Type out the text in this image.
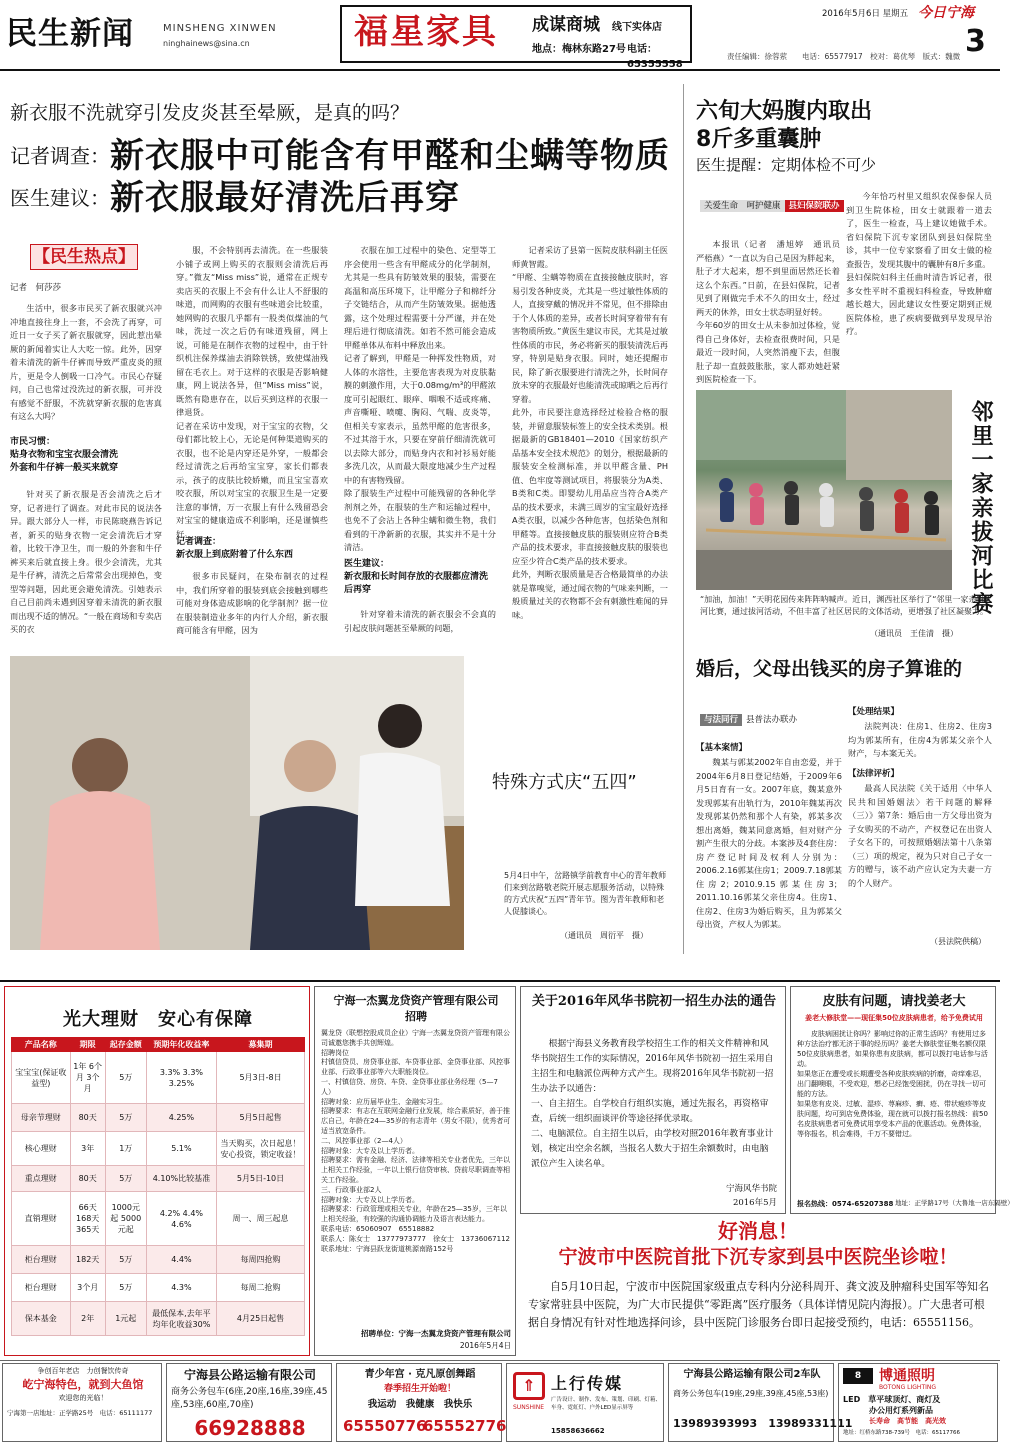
民生新闻	MINSHENG XINWEN
ninghainews@sina.cn	福星家具 成谋商城 线下实体店
地点：梅林东路27号 电话：65355558
2016年5月6日 星期五 今日宁海
3
责任编辑：徐蓉萦　　电话：65577917　校对：葛优琴　版式：魏微
新衣服不洗就穿引发皮炎甚至晕厥，是真的吗？
记者调查：新衣服中可能含有甲醛和尘螨等物质
医生建议：新衣服最好清洗后再穿
【民生热点】
记者　何莎莎

生活中，很多市民买了新衣服就兴冲冲地直接往身上一套，不会洗了再穿，可近日一女子买了新衣服就穿，因此惹出晕厥的新闻着实让人大吃一惊。此外，因穿着未清洗的新牛仔裤而导致严重皮炎的照片，更是令人倒吸一口冷气。市民心存疑问，自己也常过没洗过的新衣服，可并没有感觉不舒服，不洗就穿新衣服的危害真有这么大吗？

市民习惯：
贴身衣物和宝宝衣服会清洗
外套和牛仔裤一般买来就穿

针对买了新衣服是否会清洗之后才穿，记者进行了调查。对此市民的说法各异。跟大部分人一样，市民陈晓燕告诉记者，新买的贴身衣物一定会清洗后才穿着，比较干净卫生，而一般的外套和牛仔裤买来后就直接上身。很少会清洗，尤其是牛仔裤，清洗之后常常会出现掉色，变型等问题，因此更会避免清洗。引她表示自己目前尚未遇到因穿着未清洗的新衣服而出现不适的情况。“一般在商场和专卖店买的衣

服，不会特别再去清洗。在一些服装小铺子或网上购买的衣服则会清洗后再穿。”微友“Miss miss”说，通常在正规专卖店买的衣服上不会有什么让人不舒服的味道，而网购的衣服有些味道会比较重，她网购的衣服几乎都有一股类似煤油的气味，洗过一次之后仍有味道残留，网上说，可能是在制作衣物的过程中，由于针织机注保养煤油去消除铁锈，致使煤油残留在毛衣上。对于这样的衣服是否影响健康，网上说法各异，但“Miss miss”说，既然有隐患存在，以后买到这样的衣服一律退货。
记者在采访中发现，对于宝宝的衣物，父母们都比较上心，无论是何种渠道购买的衣服，也不论是内穿还是外穿，一般都会经过清洗之后再给宝宝穿，家长们都表示，孩子的皮肤比较娇嫩，而且宝宝喜欢咬衣服，所以对宝宝的衣服卫生是一定要注意的事情，万一衣服上有什么残留恐会对宝宝的健康造成不利影响，还是谨慎些好。

记者调查：
新衣服上到底附着了什么东西

很多市民疑问，在染布制衣的过程中，我们所穿着的服装到底会接触到哪些可能对身体造成影响的化学制剂？据一位在服装制造业多年的内行人介绍，新衣服商可能含有甲醛，因为

衣服在加工过程中的染色、定型等工序会使用一些含有甲醛成分的化学制剂，尤其是一些具有防皱效果的服装，需要在高温和高压环境下，让甲醛分子和棉纤分子交链结合，从而产生防皱效果。据他透露，这个处理过程需要十分严谨，并在处理后进行彻底清洗。如若不然可能会造成甲醛单体从布料中释放出来。
记者了解到，甲醛是一种挥发性物质，对人体的水溶性，主要危害表现为对皮肤黏膜的刺激作用，大于0.08mg/m³的甲醛浓度可引起眼红、眼痒、咽喉不适或疼痛、声音嘶哑、喷嚏、胸闷、气喘、皮炎等，但相关专家表示，虽然甲醛的危害很多，不过其溶于水，只要在穿前仔细清洗就可以去除大部分，而贴身内衣和衬衫易好能多洗几次，从而最大限度地减少生产过程中的有害物残留。
除了服装生产过程中可能残留的各种化学剂剂之外，在服装的生产和运输过程中，也免不了会沾上各种尘螨和微生物，我们看到的干净新新的衣服，其实并不是十分清洁。

医生建议：
新衣服和长时间存放的衣服都应清洗后再穿

针对穿着未清洗的新衣服会不会真的引起皮肤问题甚至晕厥的问题，

记者采访了县第一医院皮肤科副主任医师黄智霞。
“甲醛、尘螨等物质在直接接触皮肤时，容易引发各种皮炎，尤其是一些过敏性体质的人，直接穿戴的情况并不常见，但不排除由于个人体质的差异，或者长时间穿着带有有害物质所致。”黄医生建议市民，尤其是过敏性体质的市民，务必将新买的服装清洗后再穿，特别是贴身衣服。同时，她还提醒市民，除了新衣服要进行清洗之外，长时间存放未穿的衣服最好也能清洗或晾晒之后再行穿着。
此外，市民要注意选择经过检验合格的服装，并留意服装标签上的安全技术类别。根据最新的GB18401—2010《国家纺织产品基本安全技术规范》的划分，根据最新的服装安全检测标准，并以甲醛含量、PH值、色牢度等测试项目，将服装分为A类、B类和C类。即婴幼儿用品应当符合A类产品的技术要求，未满三周岁的宝宝最好选择A类衣服，以减少各种危害，包括染色剂和甲醛等。直接接触皮肤的服装则应符合B类产品的技术要求，非直接接触皮肤的服装也应至少符合C类产品的技术要求。
此外，判断衣服质量是否合格最简单的办法就是靠嗅觉，通过闻衣物的气味来判断，一般质量过关的衣物都不会有刺激性难闻的异味。

六旬大妈腹内取出
8斤多重囊肿
医生提醒：定期体检不可少
关爱生命　呵护健康 县妇保院联办

本报讯（记者　潘旭婷　通讯员　严梧燕）“一直以为自己是因为胖起来，肚子才大起来，想不到里面居然还长着这么个东西。”日前，在县妇保院，记者见到了刚做完手术不久的田女士，经过两天的休养，田女士状态明显好转。
今年60岁的田女士从未参加过体检，觉得自己身体好，去检查很费时间，只是最近一段时间，人突然消瘦下去，但腹肚子却一直鼓鼓胀胀，家人都劝她赶紧到医院检查一下。

今年恰巧村里又组织农保参保人员到卫生院体检，田女士就跟着一道去了，医生一检查，马上建议她做手术。省妇保院下沉专家团队到县妇保院坐诊，其中一位专家察看了田女士做的检查报告，发现其腹中的囊肿有8斤多重。
县妇保院妇科主任曲时清告诉记者，很多女性平时不重视妇科检查，导致肿瘤越长越大，因此建议女性要定期到正规医院体检，患了疾病要做到早发现早治疗。

邻里一家亲拔河比赛
“加油，加油！”天明花园传来阵阵呐喊声。近日，渊西社区举行了“邻里一家亲”拔河比赛，通过拔河活动，不但丰富了社区居民的文体活动，更增强了社区凝聚力。
（通讯员　王佳清　摄）
特殊方式庆“五四”
5月4日中午，岔路镇学前教育中心的青年教师们来到岔路敬老院开展志愿服务活动，以特殊的方式庆祝“五四”青年节。图为青年教师和老人促膝谈心。
（通讯员　周衍平　摄）
婚后，父母出钱买的房子算谁的
与法同行 县普法办联办
【基本案情】

魏某与郭某2002年自由恋爱，并于2004年6月8日登记结婚，于2009年6月5日育有一女。2007年底，魏某意外发现郭某有出轨行为，2010年魏某再次发现郭某仍然和那个人有染，郭某多次想出离婚，魏某同意离婚，但对财产分割产生很大的分歧。本案涉及4套住房：房产登记时间及权利人分别为：2006.2.16郭某住房1；2009.7.18郭某住房2；2010.9.15郭某住房3；2011.10.16郭某父亲住房4。住房1、住房2、住房3为婚后购买，且为郭某父母出资，产权人为郭某。

【处理结果】

法院判决：住房1、住房2、住房3均为郭某所有，住房4为郭某父亲个人财产，与本案无关。

【法律评析】

最高人民法院《关于适用〈中华人民共和国婚姻法〉若干问题的解释（三）》第7条：婚后由一方父母出资为子女购买的不动产，产权登记在出资人子女名下的，可按照婚姻法第十八条第（三）项的规定，视为只对自己子女一方的赠与，该不动产应认定为夫妻一方的个人财产。

（县法院供稿）
光大理财　安心有保障
产品名称	期限	起存金额	预期年化收益率	募集期
宝宝宝(保证收益型)	1年 6个月 3个月	5万	3.3% 3.3% 3.25%	5月3日-8日
母亲节理财	80天	5万	4.25%	5月5日起售
核心理财	3年	1万	5.1%	当天购买，次日起息！安心投资，锁定收益！
重点理财	80天	5万	4.10%比较基准	5月5日-10日
直销理财	66天 168天 365天	1000元起 5000元起	4.2% 4.4% 4.6%	周一、周三起息
柜台理财	182天	5万	4.4%	每周四抢购
柜台理财	3个月	5万	4.3%	每周二抢购
保本基金	2年	1元起	最低保本,去年平均年化收益30%	4月25日起售
宁海一杰翼龙贷资产管理有限公司
招聘
翼龙贷（联想控股成员企业）宁海一杰翼龙贷资产管理有限公司诚邀您携手共创辉煌。
招聘岗位
村镇信贷员、房贷事业部、车贷事业部、金贷事业部、风控事业部、行政事业部等六大职能岗位。
一、村镇信贷、房贷、车贷、金贷事业部业务经理（5—7人）
招聘对象：应历届毕业生、金融实习生。
招聘要求：有志在互联网金融行业发展，综合素质好，善于推広自己，年龄在24—35岁的有志青年（男女不限），优秀者可适当放宽条件。
二、风控事业部（2—4人）
招聘对象：大专及以上学历者。
招聘要求：需有金融、经济、法律等相关专业者优先，三年以上相关工作经验，一年以上银行信贷审核、贷前尽职调查等相关工作经验。
三、行政事业部2人
招聘对象：大专及以上学历者。
招聘要求：行政管理或相关专业，年龄在25—35岁，三年以上相关经验，有较强的沟通协调能力及语言表达能力。
联系电话：65060907　65518882
联系人：陈女士　13777973777　徐女士　13736067112
联系地址：宁海县跃龙街道桃源南路152号
招聘单位：宁海一杰翼龙贷资产管理有限公司
2016年5月4日
关于2016年风华书院初一招生办法的通告
根据宁海县义务教育段学校招生工作的相关文件精神和风华书院招生工作的实际情况，2016年风华书院初一招生采用自主招生和电脑派位两种方式产生。现将2016年风华书院初一招生办法予以通告：
一、自主招生。自学校自行组织实施，通过先报名，再资格审查，后统一组织面谈评价等途径择优录取。
二、电脑派位。自主招生以后，由学校对照2016年教育事业计划，核定出空余名额，当报名人数大于招生余额数时，由电脑派位产生入读名单。
宁海风华书院
2016年5月
皮肤有问题，请找姜老大
姜老大修肤堂——现征集50位皮肤病患者，给予免费试用
皮肤病困扰让你吗？影响过你的正常生活吗？有使用过多种方法治疗都无济于事的经历吗？姜老大修肤堂征集名额仅限50位皮肤病患者，如果你患有皮肤病，都可以拨打电话参与活动。
如果您正在遭受或长期遭受各种皮肤疾病的折磨，奇痒难忍，出门翻噢眼，不受欢迎，想必已经饱受困扰，仍在寻找一切可能的方法。
如果您有皮炎、过敏、湿疹、荨麻疹、癣、疮、带状疱疹等皮肤问题，均可到店免费体验，现在就可以拨打报名热线：前50名皮肤病患者可免费试用享受本产品的优惠活动。免费体验，等你报名，机会难得，千万不要错过。
报名热线：0574-65207388 地址：正学路17号（大鲁地一店东隔壁）
好消息！
宁波市中医院首批下沉专家到县中医院坐诊啦！
自5月10日起，宁波市中医院国家级重点专科内分泌科周开、龚文波及肿瘤科史国军等知名专家常驻县中医院，为广大市民提供“零距离”医疗服务（具体详情见院内海报）。广大患者可根据自身情况有针对性地选择问诊，县中医院门诊服务台即日起接受预约，电话：65551156。
争创百年老店　力创餐饮传奇
屹宁海特色，就到大鱼馆
欢迎您的光临！
宁海第一店地址：正学路25号　电话：65111177
宁海县公路运输有限公司
商务公务包车(6座,20座,16座,39座,45座,53座,60座,70座)
66928888
青少年宫 · 克凡原创舞蹈
春季招生开始啦！
我运动　我健康　我快乐
65550776
65552776
⇑ 上行传媒
SUNSHINE
广告设计、制作、发布、策划、印刷、灯箱、车身、霓虹灯、户外LED显示屏等
15858636662
宁海县公路运输有限公司2车队
商务公务包车(19座,29座,39座,45座,53座)
13989393993　13989331111
博通照明
BOTONG LIGHTING
8
LED　草平球顶灯、商灯及
办公用灯系列新品
长寿命　高节能　高光效
地址：红桥东路738-739号　电话：65117766
